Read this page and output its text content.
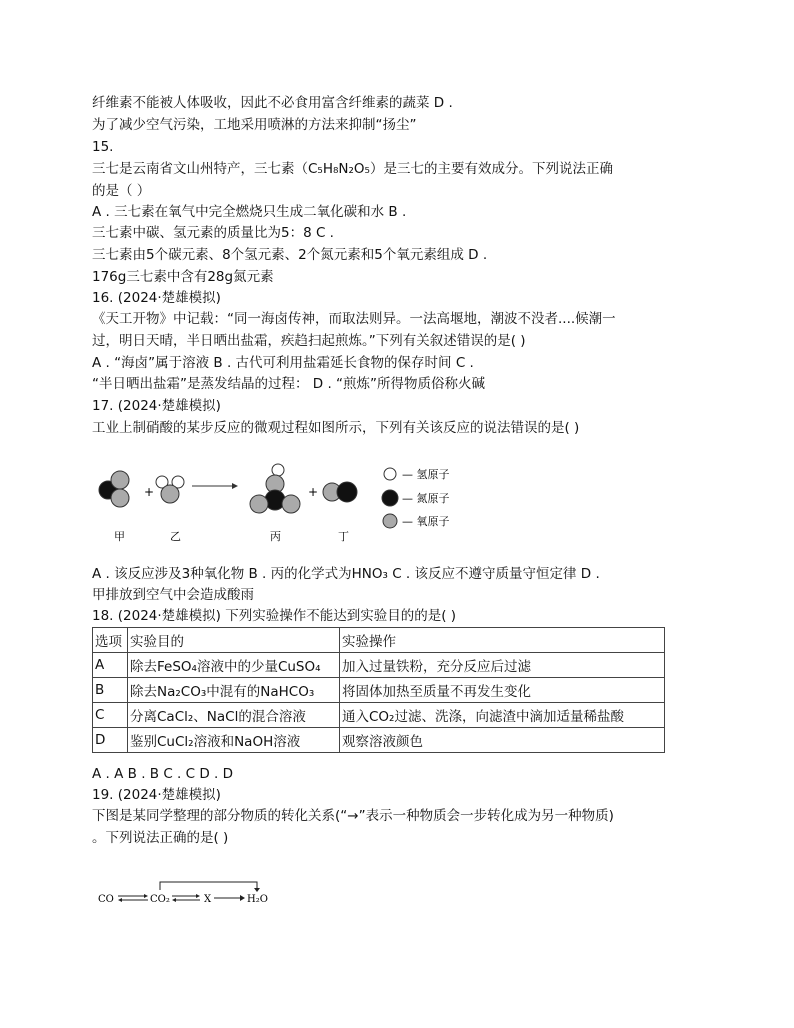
纤维素不能被人体吸收，因此不必食用富含纤维素的蔬菜 D .
为了减少空气污染，工地采用喷淋的方法来抑制“扬尘”
15.
三七是云南省文山州特产，三七素（C₅H₈N₂O₅）是三七的主要有效成分。下列说法正确
的是（ ）
A . 三七素在氧气中完全燃烧只生成二氧化碳和水 B .
三七素中碳、氢元素的质量比为5：8 C .
三七素由5个碳元素、8个氢元素、2个氮元素和5个氧元素组成 D .
176g三七素中含有28g氮元素
16. (2024·楚雄模拟)
《天工开物》中记载：“同一海卤传神，而取法则异。一法高堰地，潮波不没者....候潮一
过，明日天晴，半日晒出盐霜，疾趋扫起煎炼。”下列有关叙述错误的是( )
A . “海卤”属于溶液 B . 古代可利用盐霜延长食物的保存时间 C .
“半日晒出盐霜”是蒸发结晶的过程： D . “煎炼”所得物质俗称火碱
17. (2024·楚雄模拟)
工业上制硝酸的某步反应的微观过程如图所示，下列有关该反应的说法错误的是( )
+	+
甲	乙	丙	丁
— 氢原子
— 氮原子
— 氧原子
A . 该反应涉及3种氧化物 B . 丙的化学式为HNO₃ C . 该反应不遵守质量守恒定律 D .
甲排放到空气中会造成酸雨
18. (2024·楚雄模拟) 下列实验操作不能达到实验目的的是( )
选项	实验目的	实验操作
A	除去FeSO₄溶液中的少量CuSO₄	加入过量铁粉，充分反应后过滤
B	除去Na₂CO₃中混有的NaHCO₃	将固体加热至质量不再发生变化
C	分离CaCl₂、NaCl的混合溶液	通入CO₂过滤、洗涤，向滤渣中滴加适量稀盐酸
D	鉴别CuCl₂溶液和NaOH溶液	观察溶液颜色
A . A B . B C . C D . D
19. (2024·楚雄模拟)
下图是某同学整理的部分物质的转化关系(“→”表示一种物质会一步转化成为另一种物质)
。下列说法正确的是( )
CO	CO₂	X	H₂O
